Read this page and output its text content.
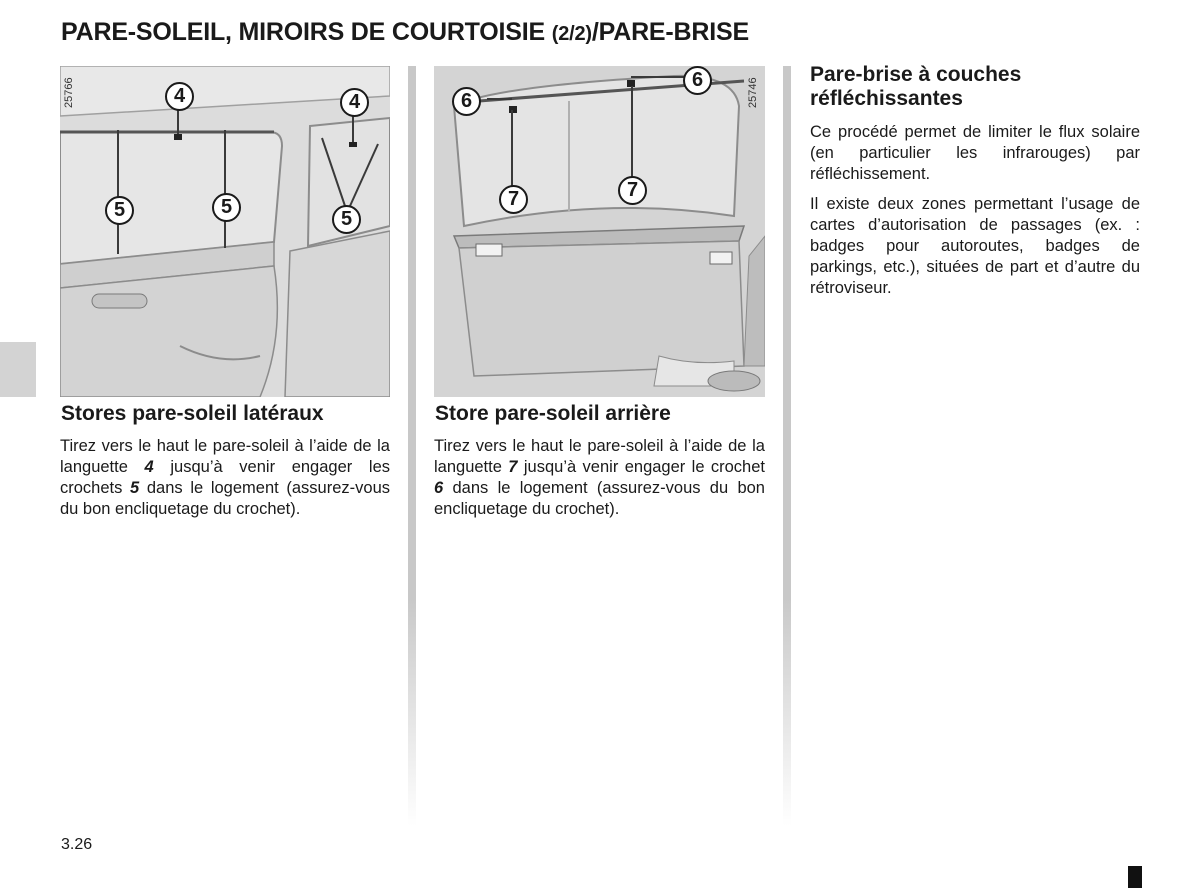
PARE-SOLEIL, MIROIRS DE COURTOISIE (2/2)/PARE-BRISE
25766	4	4
5	5
5
25746
6
6
7	7
Stores pare-soleil latéraux

Tirez vers le haut le pare-soleil à l’aide de la languette 4 jusqu’à venir engager les crochets 5 dans le logement (assurez-vous du bon encliquetage du crochet).

Store pare-soleil arrière

Tirez vers le haut le pare-soleil à l’aide de la languette 7 jusqu’à venir engager le crochet 6 dans le logement (assurez-vous du bon encliquetage du crochet).

Pare-brise à couches
réfléchissantes

Ce procédé permet de limiter le flux solaire (en particulier les infrarouges) par réfléchissement.

Il existe deux zones permettant l’usage de cartes d’autorisation de passages (ex. : badges pour autoroutes, badges de parkings, etc.), situées de part et d’autre du rétroviseur.

3.26
